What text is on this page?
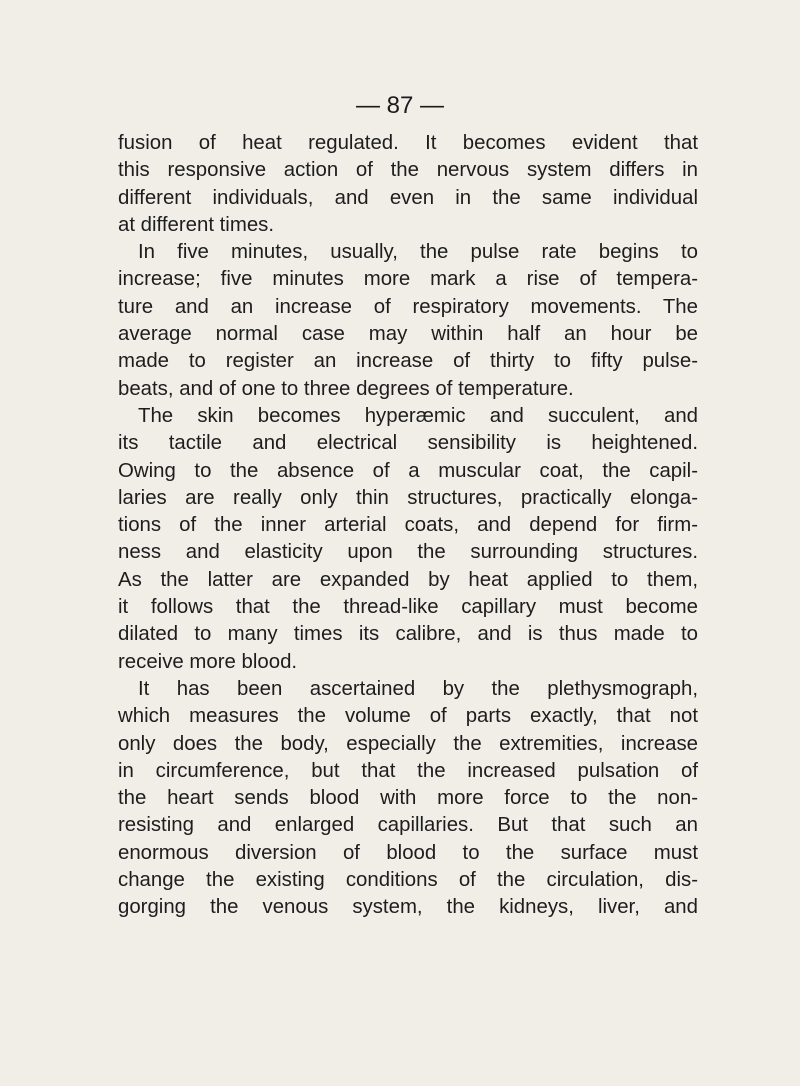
— 87 —
fusion of heat regulated. It becomes evident that
this responsive action of the nervous system differs in
different individuals, and even in the same individual
at different times.
In five minutes, usually, the pulse rate begins to
increase; five minutes more mark a rise of tempera-
ture and an increase of respiratory movements. The
average normal case may within half an hour be
made to register an increase of thirty to fifty pulse-
beats, and of one to three degrees of temperature.
The skin becomes hyperæmic and succulent, and
its tactile and electrical sensibility is heightened.
Owing to the absence of a muscular coat, the capil-
laries are really only thin structures, practically elonga-
tions of the inner arterial coats, and depend for firm-
ness and elasticity upon the surrounding structures.
As the latter are expanded by heat applied to them,
it follows that the thread-like capillary must become
dilated to many times its calibre, and is thus made to
receive more blood.
It has been ascertained by the plethysmograph,
which measures the volume of parts exactly, that not
only does the body, especially the extremities, increase
in circumference, but that the increased pulsation of
the heart sends blood with more force to the non-
resisting and enlarged capillaries. But that such an
enormous diversion of blood to the surface must
change the existing conditions of the circulation, dis-
gorging the venous system, the kidneys, liver, and
